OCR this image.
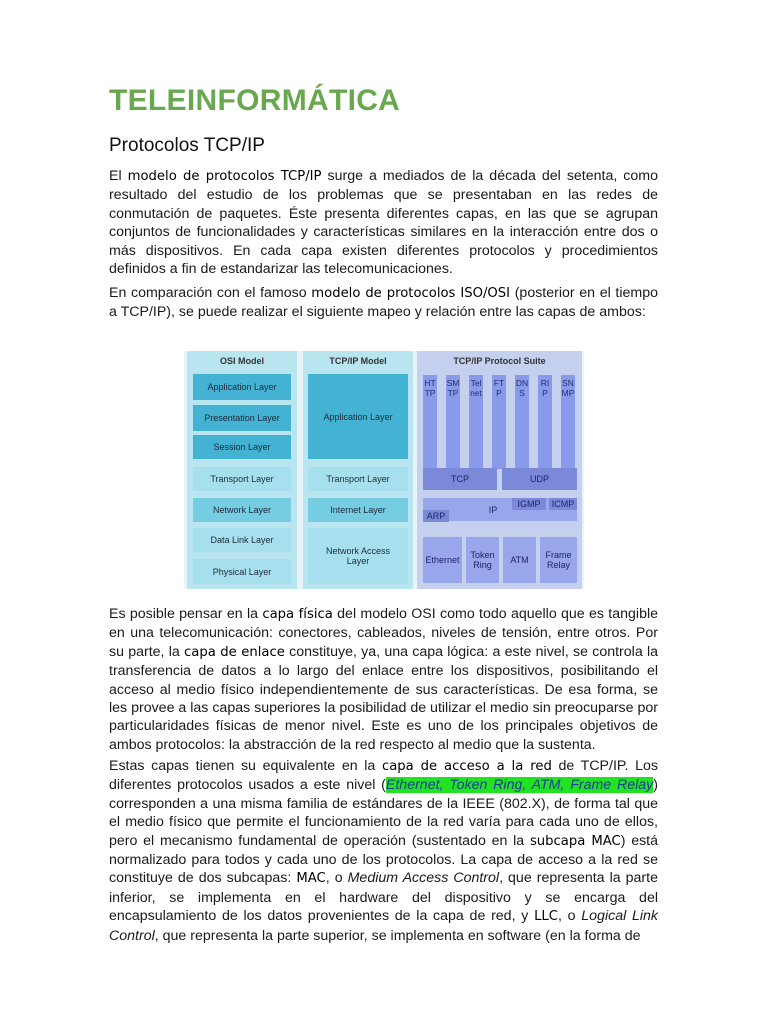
TELEINFORMÁTICA
Protocolos TCP/IP
El modelo de protocolos TCP/IP surge a mediados de la década del setenta, como resultado del estudio de los problemas que se presentaban en las redes de conmutación de paquetes. Éste presenta diferentes capas, en las que se agrupan conjuntos de funcionalidades y características similares en la interacción entre dos o más dispositivos. En cada capa existen diferentes protocolos y procedimientos definidos a fin de estandarizar las telecomunicaciones.
En comparación con el famoso modelo de protocolos ISO/OSI (posterior en el tiempo a TCP/IP), se puede realizar el siguiente mapeo y relación entre las capas de ambos:
OSI Model
Application Layer
Presentation Layer
Session Layer
Transport Layer
Network Layer
Data Link Layer
Physical Layer
TCP/IP Model
Application Layer
Transport Layer
Internet Layer
Network Access Layer
TCP/IP Protocol Suite
HTTP
SMTP
Telnet
FTP
DNS
RIP
SNMP
TCP	UDP
IP
IGMP	ICMP
ARP
Ethernet	Token Ring	ATM	Frame Relay
Es posible pensar en la capa física del modelo OSI como todo aquello que es tangible en una telecomunicación: conectores, cableados, niveles de tensión, entre otros. Por su parte, la capa de enlace constituye, ya, una capa lógica: a este nivel, se controla la transferencia de datos a lo largo del enlace entre los dispositivos, posibilitando el acceso al medio físico independientemente de sus características. De esa forma, se les provee a las capas superiores la posibilidad de utilizar el medio sin preocuparse por particularidades físicas de menor nivel. Este es uno de los principales objetivos de ambos protocolos: la abstracción de la red respecto al medio que la sustenta.
Estas capas tienen su equivalente en la capa de acceso a la red de TCP/IP. Los diferentes protocolos usados a este nivel (Ethernet, Token Ring, ATM, Frame Relay) corresponden a una misma familia de estándares de la IEEE (802.X), de forma tal que el medio físico que permite el funcionamiento de la red varía para cada uno de ellos, pero el mecanismo fundamental de operación (sustentado en la subcapa MAC) está normalizado para todos y cada uno de los protocolos. La capa de acceso a la red se constituye de dos subcapas: MAC, o Medium Access Control, que representa la parte inferior, se implementa en el hardware del dispositivo y se encarga del encapsulamiento de los datos provenientes de la capa de red, y LLC, o Logical Link Control, que representa la parte superior, se implementa en software (en la forma de
